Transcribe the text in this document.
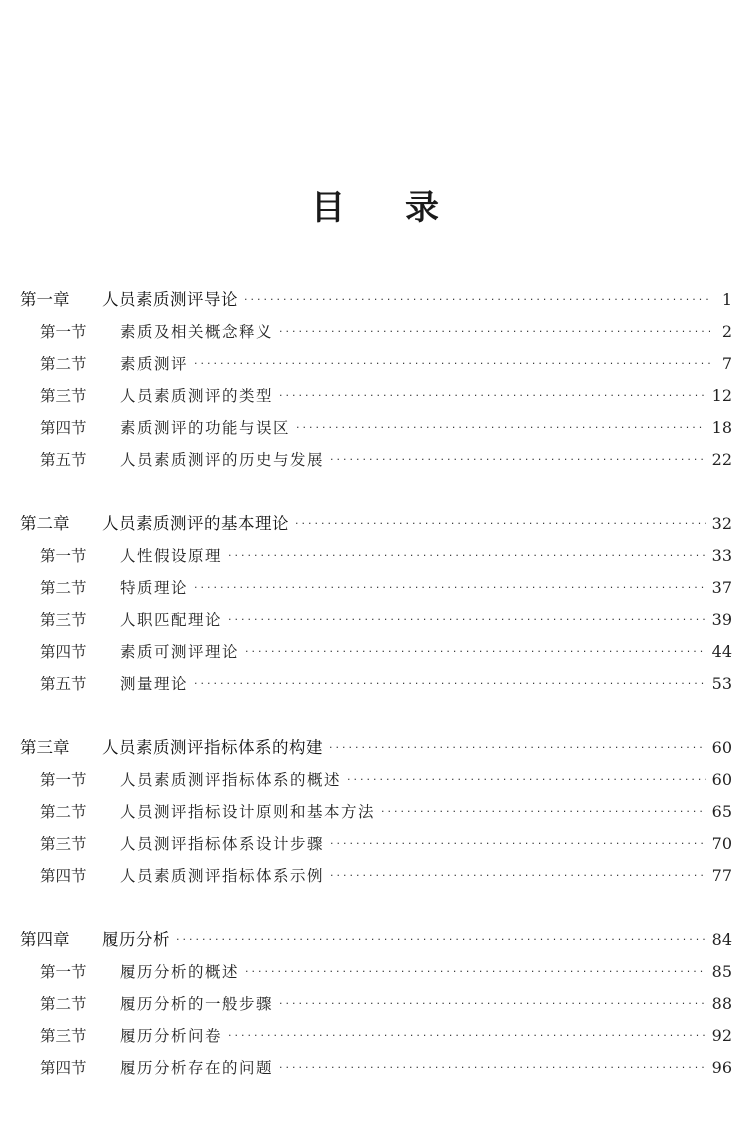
目录
第一章	人员素质测评导论 ·····	1
第一节	素质及相关概念释义 ·····	2
第二节	素质测评 ·····	7
第三节	人员素质测评的类型 ·····	12
第四节	素质测评的功能与误区 ·····	18
第五节	人员素质测评的历史与发展 ·····	22
第二章	人员素质测评的基本理论 ·····	32
第一节	人性假设原理 ·····	33
第二节	特质理论 ·····	37
第三节	人职匹配理论 ·····	39
第四节	素质可测评理论 ·····	44
第五节	测量理论 ·····	53
第三章	人员素质测评指标体系的构建 ·····	60
第一节	人员素质测评指标体系的概述 ·····	60
第二节	人员测评指标设计原则和基本方法 ·····	65
第三节	人员测评指标体系设计步骤 ·····	70
第四节	人员素质测评指标体系示例 ·····	77
第四章	履历分析 ·····	84
第一节	履历分析的概述 ·····	85
第二节	履历分析的一般步骤 ·····	88
第三节	履历分析问卷 ·····	92
第四节	履历分析存在的问题 ·····	96
